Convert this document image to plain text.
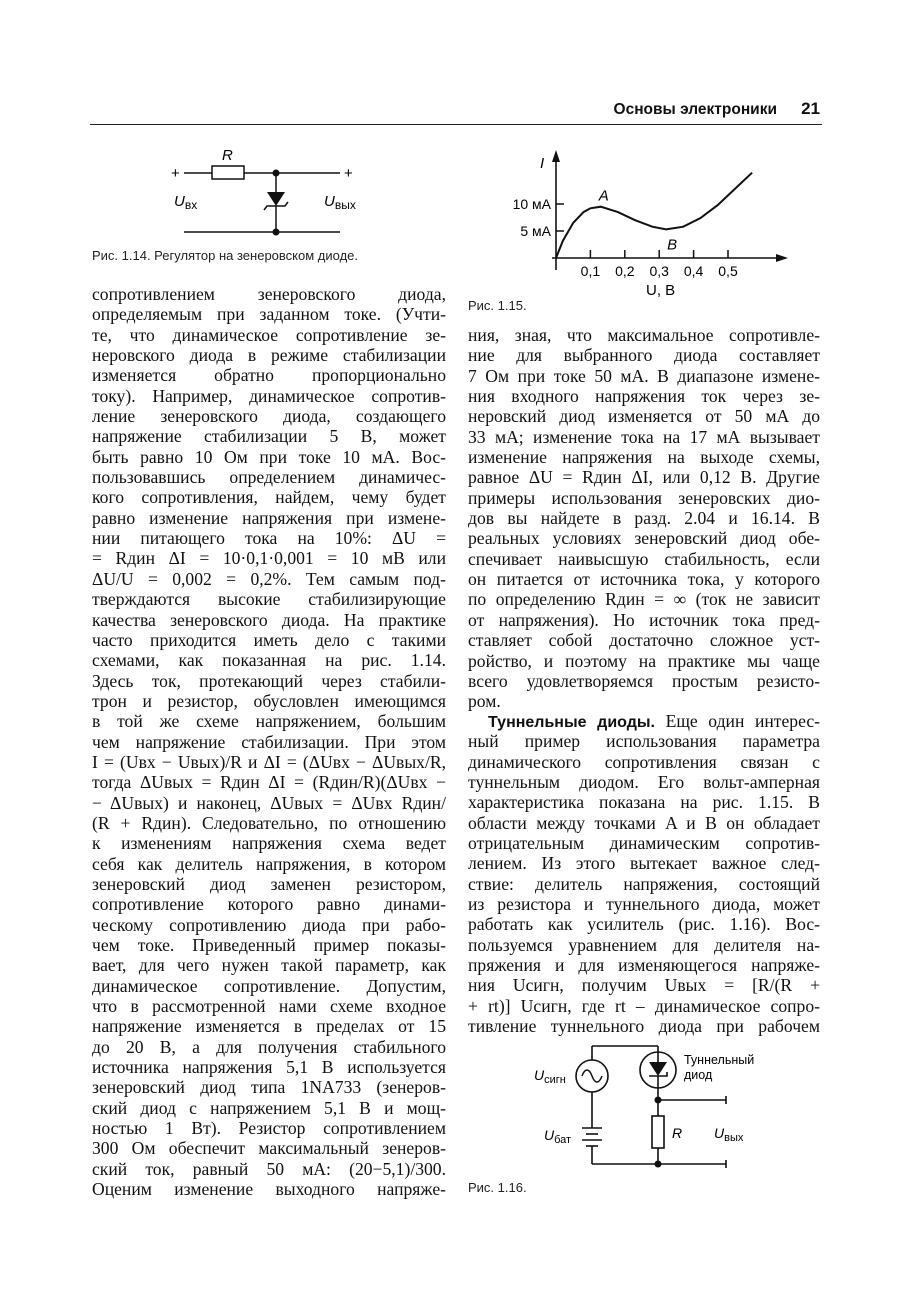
Основы электроники 21
R
+	+
$U_{вх}$	$U_{вых}$
Рис. 1.14. Регулятор на зенеровском диоде.
I
10 мА
5 мА
0,1 0,2 0,3 0,4 0,5
A
B
U, В
Рис. 1.15.
сопротивлением зенеровского диода,
определяемым при заданном токе. (Учти-
те, что динамическое сопротивление зе-
неровского диода в режиме стабилизации
изменяется обратно пропорционально
току). Например, динамическое сопротив-
ление зенеровского диода, создающего
напряжение стабилизации 5 В, может
быть равно 10 Ом при токе 10 мА. Вос-
пользовавшись определением динамичес-
кого сопротивления, найдем, чему будет
равно изменение напряжения при измене-
нии питающего тока на 10%: ΔU =
= Rдин ΔI = 10·0,1·0,001 = 10 мВ или
ΔU/U = 0,002 = 0,2%. Тем самым под-
тверждаются высокие стабилизирующие
качества зенеровского диода. На практике
часто приходится иметь дело с такими
схемами, как показанная на рис. 1.14.
Здесь ток, протекающий через стабили-
трон и резистор, обусловлен имеющимся
в той же схеме напряжением, большим
чем напряжение стабилизации. При этом
I = (Uвх − Uвых)/R и ΔI = (ΔUвх − ΔUвых/R,
тогда ΔUвых = Rдин ΔI = (Rдин/R)(ΔUвх −
− ΔUвых) и наконец, ΔUвых = ΔUвх Rдин/
(R + Rдин). Следовательно, по отношению
к изменениям напряжения схема ведет
себя как делитель напряжения, в котором
зенеровский диод заменен резистором,
сопротивление которого равно динами-
ческому сопротивлению диода при рабо-
чем токе. Приведенный пример показы-
вает, для чего нужен такой параметр, как
динамическое сопротивление. Допустим,
что в рассмотренной нами схеме входное
напряжение изменяется в пределах от 15
до 20 В, а для получения стабильного
источника напряжения 5,1 В используется
зенеровский диод типа 1NA733 (зенеров-
ский диод с напряжением 5,1 В и мощ-
ностью 1 Вт). Резистор сопротивлением
300 Ом обеспечит максимальный зенеров-
ский ток, равный 50 мА: (20−5,1)/300.
Оценим изменение выходного напряже-
ния, зная, что максимальное сопротивле-
ние для выбранного диода составляет
7 Ом при токе 50 мА. В диапазоне измене-
ния входного напряжения ток через зе-
неровский диод изменяется от 50 мА до
33 мА; изменение тока на 17 мА вызывает
изменение напряжения на выходе схемы,
равное ΔU = Rдин ΔI, или 0,12 В. Другие
примеры использования зенеровских дио-
дов вы найдете в разд. 2.04 и 16.14. В
реальных условиях зенеровский диод обе-
спечивает наивысшую стабильность, если
он питается от источника тока, у которого
по определению Rдин = ∞ (ток не зависит
от напряжения). Но источник тока пред-
ставляет собой достаточно сложное уст-
ройство, и поэтому на практике мы чаще
всего удовлетворяемся простым резисто-
ром.
Туннельные диоды. Еще один интерес-
ный пример использования параметра
динамического сопротивления связан с
туннельным диодом. Его вольт-амперная
характеристика показана на рис. 1.15. В
области между точками A и B он обладает
отрицательным динамическим сопротив-
лением. Из этого вытекает важное след-
ствие: делитель напряжения, состоящий
из резистора и туннельного диода, может
работать как усилитель (рис. 1.16). Вос-
пользуемся уравнением для делителя на-
пряжения и для изменяющегося напряже-
ния Uсигн, получим Uвых = [R/(R +
+ rt)] Uсигн, где rt – динамическое сопро-
тивление туннельного диода при рабочем
$U_{сигн}$
$U_{бат}$
Туннельный
диод
R $U_{вых}$
Рис. 1.16.
